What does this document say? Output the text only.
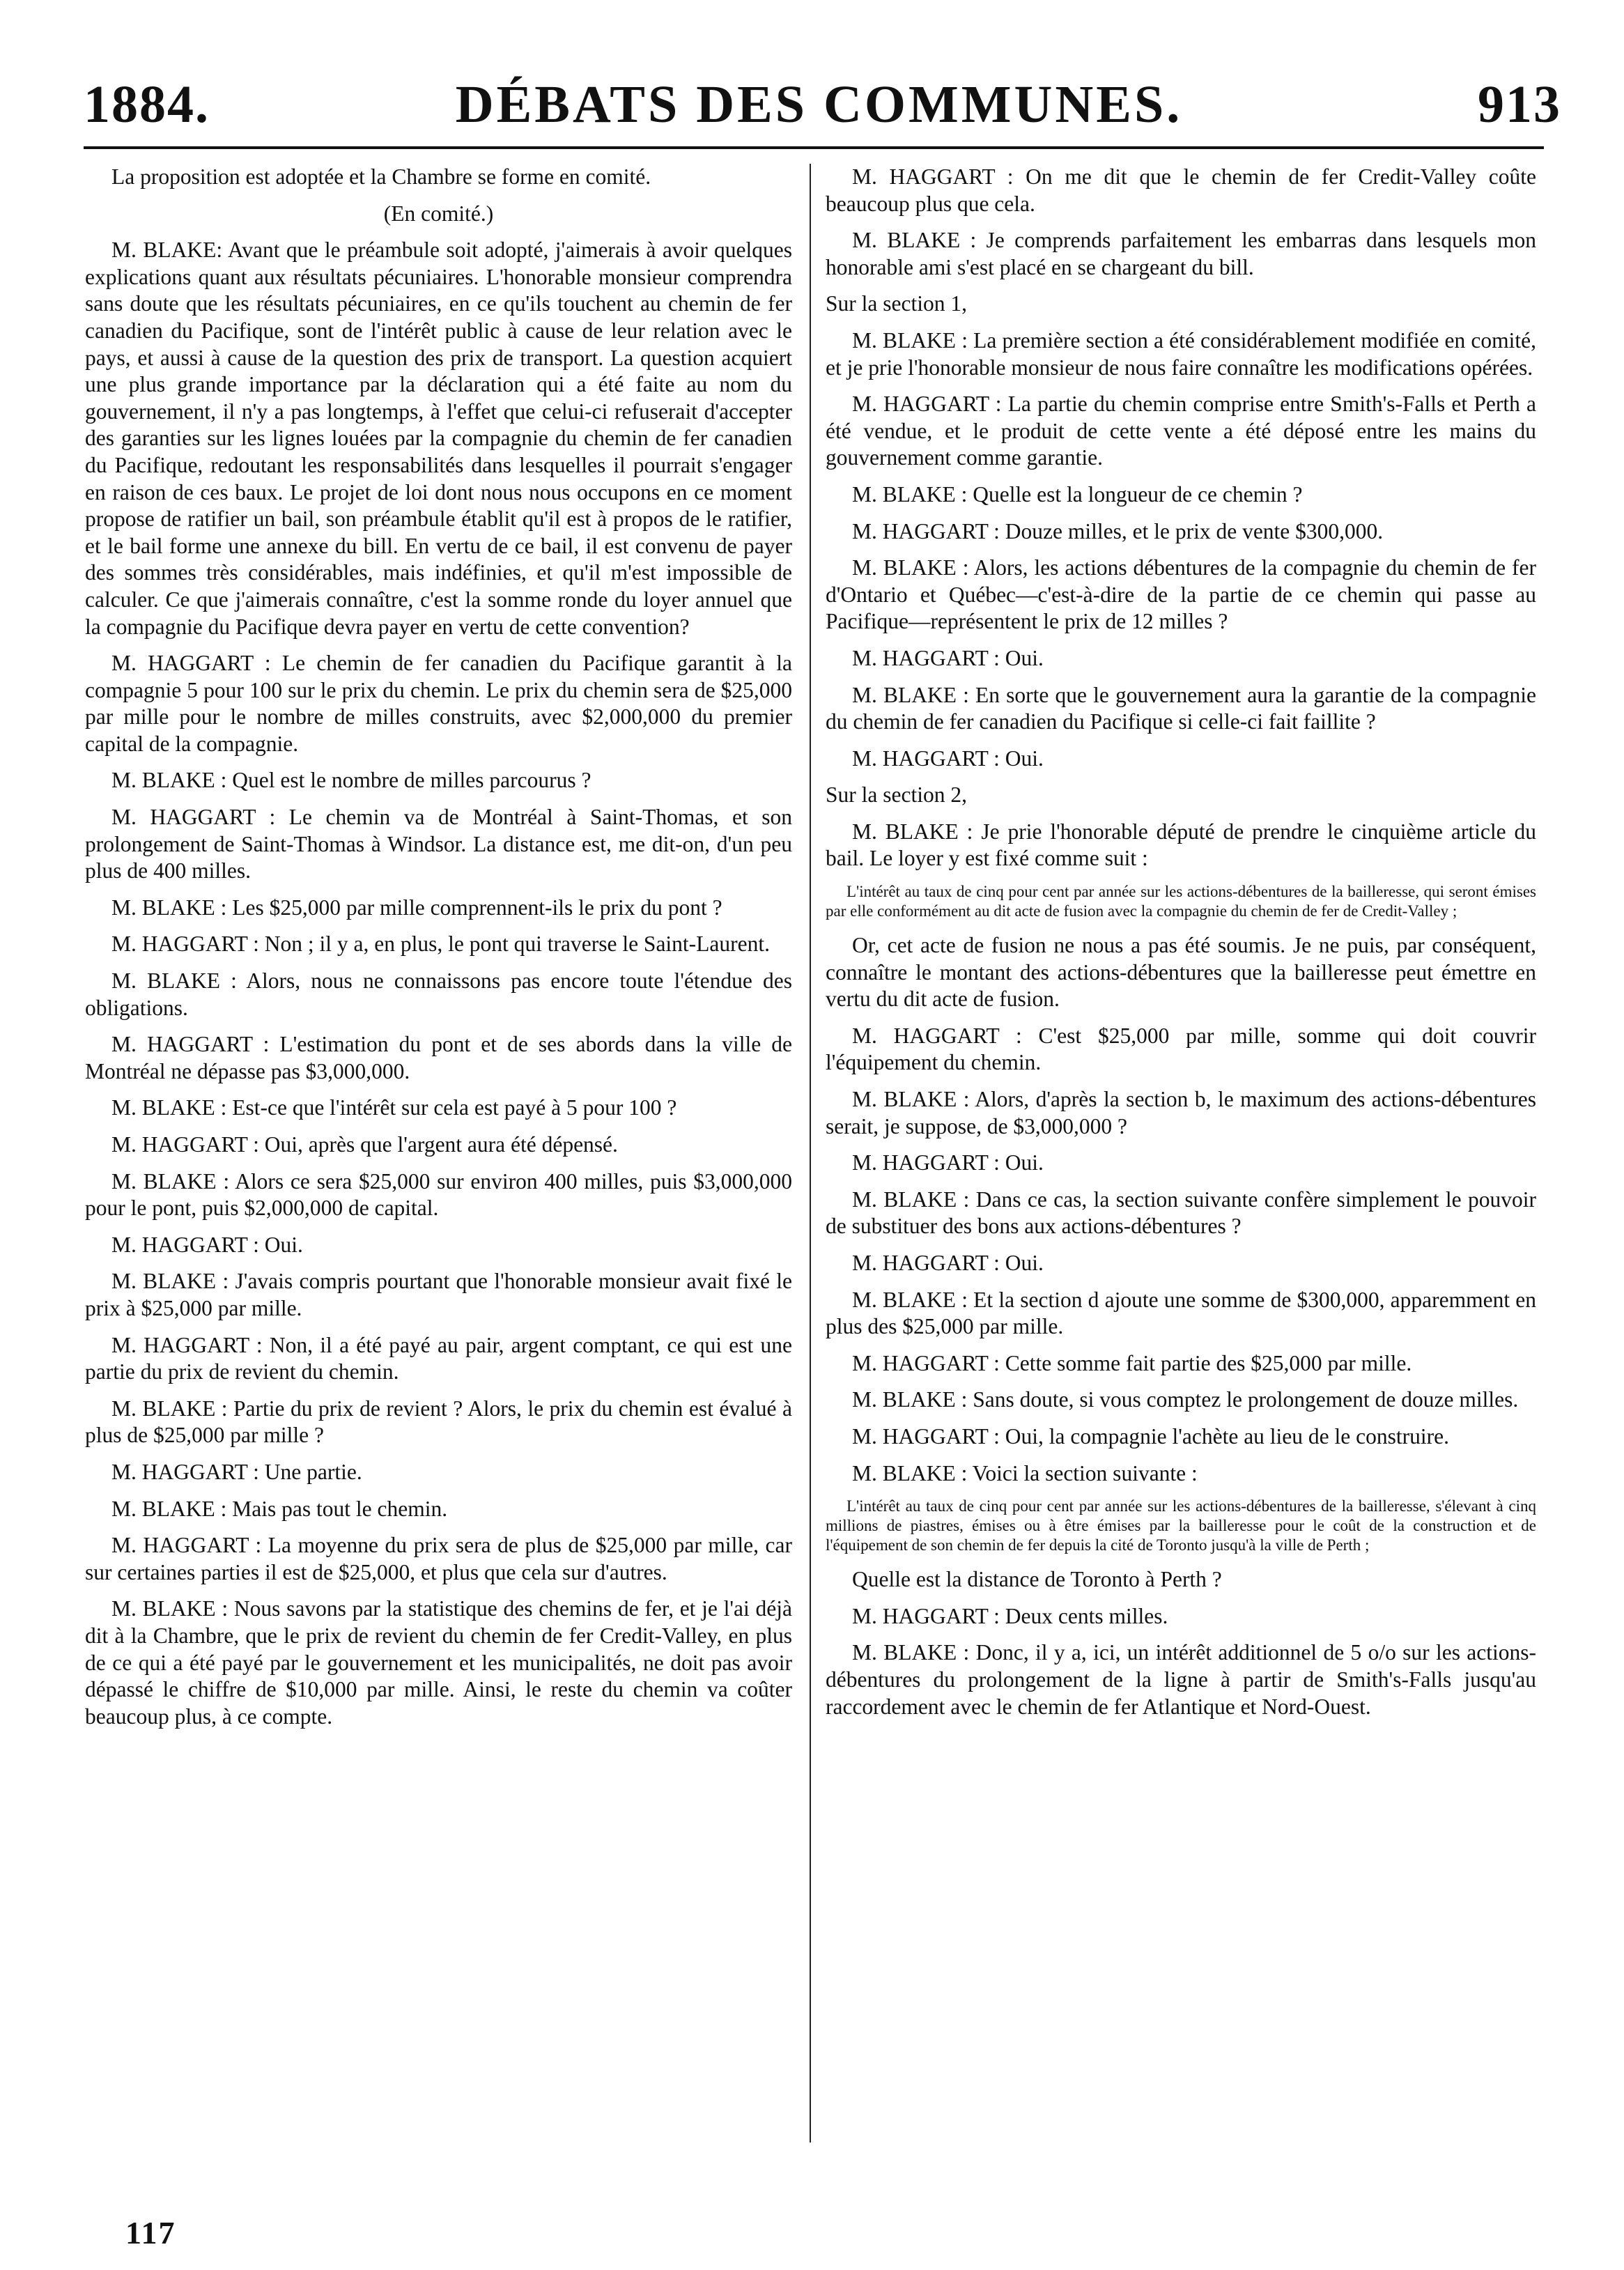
1884.	DÉBATS DES COMMUNES.	913

La proposition est adoptée et la Chambre se forme en comité.

(En comité.)

M. BLAKE: Avant que le préambule soit adopté, j'aimerais à avoir quelques explications quant aux résultats pécuniaires. L'honorable monsieur comprendra sans doute que les résultats pécuniaires, en ce qu'ils touchent au chemin de fer canadien du Pacifique, sont de l'intérêt public à cause de leur relation avec le pays, et aussi à cause de la question des prix de transport. La question acquiert une plus grande importance par la déclaration qui a été faite au nom du gouvernement, il n'y a pas longtemps, à l'effet que celui-ci refuserait d'accepter des garanties sur les lignes louées par la compagnie du chemin de fer canadien du Pacifique, redoutant les responsabilités dans lesquelles il pourrait s'engager en raison de ces baux. Le projet de loi dont nous nous occupons en ce moment propose de ratifier un bail, son préambule établit qu'il est à propos de le ratifier, et le bail forme une annexe du bill. En vertu de ce bail, il est convenu de payer des sommes très considérables, mais indéfinies, et qu'il m'est impossible de calculer. Ce que j'aimerais connaître, c'est la somme ronde du loyer annuel que la compagnie du Pacifique devra payer en vertu de cette convention?

M. HAGGART : Le chemin de fer canadien du Pacifique garantit à la compagnie 5 pour 100 sur le prix du chemin. Le prix du chemin sera de $25,000 par mille pour le nombre de milles construits, avec $2,000,000 du premier capital de la compagnie.

M. BLAKE : Quel est le nombre de milles parcourus ?

M. HAGGART : Le chemin va de Montréal à Saint-Thomas, et son prolongement de Saint-Thomas à Windsor. La distance est, me dit-on, d'un peu plus de 400 milles.

M. BLAKE : Les $25,000 par mille comprennent-ils le prix du pont ?

M. HAGGART : Non ; il y a, en plus, le pont qui traverse le Saint-Laurent.

M. BLAKE : Alors, nous ne connaissons pas encore toute l'étendue des obligations.

M. HAGGART : L'estimation du pont et de ses abords dans la ville de Montréal ne dépasse pas $3,000,000.

M. BLAKE : Est-ce que l'intérêt sur cela est payé à 5 pour 100 ?

M. HAGGART : Oui, après que l'argent aura été dépensé.

M. BLAKE : Alors ce sera $25,000 sur environ 400 milles, puis $3,000,000 pour le pont, puis $2,000,000 de capital.

M. HAGGART : Oui.

M. BLAKE : J'avais compris pourtant que l'honorable monsieur avait fixé le prix à $25,000 par mille.

M. HAGGART : Non, il a été payé au pair, argent comptant, ce qui est une partie du prix de revient du chemin.

M. BLAKE : Partie du prix de revient ? Alors, le prix du chemin est évalué à plus de $25,000 par mille ?

M. HAGGART : Une partie.

M. BLAKE : Mais pas tout le chemin.

M. HAGGART : La moyenne du prix sera de plus de $25,000 par mille, car sur certaines parties il est de $25,000, et plus que cela sur d'autres.

M. BLAKE : Nous savons par la statistique des chemins de fer, et je l'ai déjà dit à la Chambre, que le prix de revient du chemin de fer Credit-Valley, en plus de ce qui a été payé par le gouvernement et les municipalités, ne doit pas avoir dépassé le chiffre de $10,000 par mille. Ainsi, le reste du chemin va coûter beaucoup plus, à ce compte.

M. HAGGART : On me dit que le chemin de fer Credit-Valley coûte beaucoup plus que cela.

M. BLAKE : Je comprends parfaitement les embarras dans lesquels mon honorable ami s'est placé en se chargeant du bill.

Sur la section 1,

M. BLAKE : La première section a été considérablement modifiée en comité, et je prie l'honorable monsieur de nous faire connaître les modifications opérées.

M. HAGGART : La partie du chemin comprise entre Smith's-Falls et Perth a été vendue, et le produit de cette vente a été déposé entre les mains du gouvernement comme garantie.

M. BLAKE : Quelle est la longueur de ce chemin ?

M. HAGGART : Douze milles, et le prix de vente $300,000.

M. BLAKE : Alors, les actions débentures de la compagnie du chemin de fer d'Ontario et Québec—c'est-à-dire de la partie de ce chemin qui passe au Pacifique—représentent le prix de 12 milles ?

M. HAGGART : Oui.

M. BLAKE : En sorte que le gouvernement aura la garantie de la compagnie du chemin de fer canadien du Pacifique si celle-ci fait faillite ?

M. HAGGART : Oui.

Sur la section 2,

M. BLAKE : Je prie l'honorable député de prendre le cinquième article du bail. Le loyer y est fixé comme suit :

L'intérêt au taux de cinq pour cent par année sur les actions-débentures de la bailleresse, qui seront émises par elle conformément au dit acte de fusion avec la compagnie du chemin de fer de Credit-Valley ;

Or, cet acte de fusion ne nous a pas été soumis. Je ne puis, par conséquent, connaître le montant des actions-débentures que la bailleresse peut émettre en vertu du dit acte de fusion.

M. HAGGART : C'est $25,000 par mille, somme qui doit couvrir l'équipement du chemin.

M. BLAKE : Alors, d'après la section b, le maximum des actions-débentures serait, je suppose, de $3,000,000 ?

M. HAGGART : Oui.

M. BLAKE : Dans ce cas, la section suivante confère simplement le pouvoir de substituer des bons aux actions-débentures ?

M. HAGGART : Oui.

M. BLAKE : Et la section d ajoute une somme de $300,000, apparemment en plus des $25,000 par mille.

M. HAGGART : Cette somme fait partie des $25,000 par mille.

M. BLAKE : Sans doute, si vous comptez le prolongement de douze milles.

M. HAGGART : Oui, la compagnie l'achète au lieu de le construire.

M. BLAKE : Voici la section suivante :

L'intérêt au taux de cinq pour cent par année sur les actions-débentures de la bailleresse, s'élevant à cinq millions de piastres, émises ou à être émises par la bailleresse pour le coût de la construction et de l'équipement de son chemin de fer depuis la cité de Toronto jusqu'à la ville de Perth ;

Quelle est la distance de Toronto à Perth ?

M. HAGGART : Deux cents milles.

M. BLAKE : Donc, il y a, ici, un intérêt additionnel de 5 o/o sur les actions-débentures du prolongement de la ligne à partir de Smith's-Falls jusqu'au raccordement avec le chemin de fer Atlantique et Nord-Ouest.

117
